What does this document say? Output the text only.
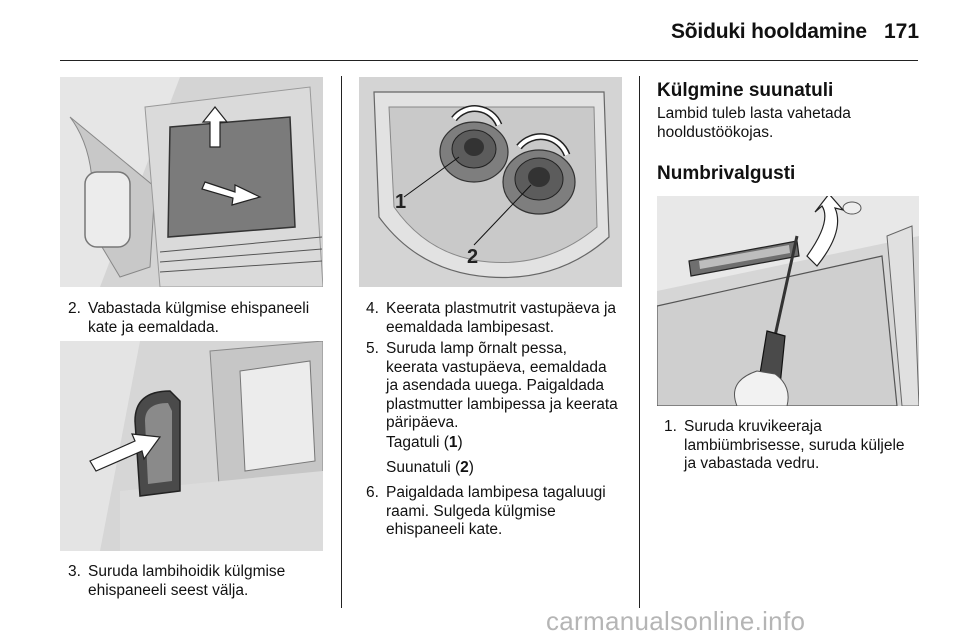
Sõiduki hooldamine 171
2. Vabastada külgmise ehispaneeli
kate ja eemaldada.
3. Suruda lambihoidik külgmise
ehispaneeli seest välja.
1
2
4. Keerata plastmutrit vastupäeva ja
eemaldada lambipesast.
5. Suruda lamp õrnalt pessa,
keerata vastupäeva, eemaldada
ja asendada uuega. Paigaldada
plastmutter lambipessa ja keerata
päripäeva.
Tagatuli (1)
Suunatuli (2)
6. Paigaldada lambipesa tagaluugi
raami. Sulgeda külgmise
ehispaneeli kate.
Külgmine suunatuli
Lambid tuleb lasta vahetada
hooldustöökojas.
Numbrivalgusti
1. Suruda kruvikeeraja
lambiümbrisesse, suruda küljele
ja vabastada vedru.
carmanualsonline.info
